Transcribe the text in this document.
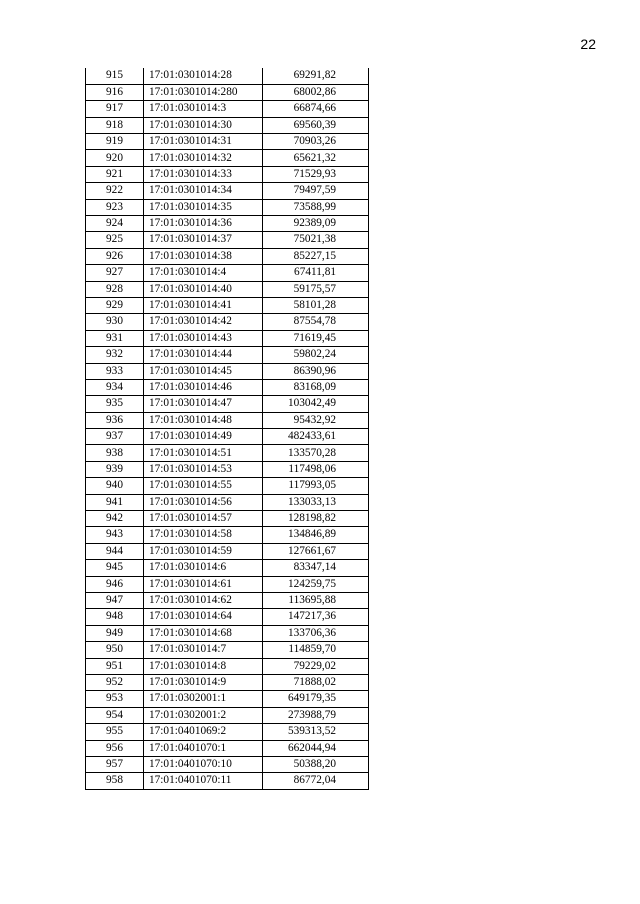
22
915	17:01:0301014:28	69291,82
916	17:01:0301014:280	68002,86
917	17:01:0301014:3	66874,66
918	17:01:0301014:30	69560,39
919	17:01:0301014:31	70903,26
920	17:01:0301014:32	65621,32
921	17:01:0301014:33	71529,93
922	17:01:0301014:34	79497,59
923	17:01:0301014:35	73588,99
924	17:01:0301014:36	92389,09
925	17:01:0301014:37	75021,38
926	17:01:0301014:38	85227,15
927	17:01:0301014:4	67411,81
928	17:01:0301014:40	59175,57
929	17:01:0301014:41	58101,28
930	17:01:0301014:42	87554,78
931	17:01:0301014:43	71619,45
932	17:01:0301014:44	59802,24
933	17:01:0301014:45	86390,96
934	17:01:0301014:46	83168,09
935	17:01:0301014:47	103042,49
936	17:01:0301014:48	95432,92
937	17:01:0301014:49	482433,61
938	17:01:0301014:51	133570,28
939	17:01:0301014:53	117498,06
940	17:01:0301014:55	117993,05
941	17:01:0301014:56	133033,13
942	17:01:0301014:57	128198,82
943	17:01:0301014:58	134846,89
944	17:01:0301014:59	127661,67
945	17:01:0301014:6	83347,14
946	17:01:0301014:61	124259,75
947	17:01:0301014:62	113695,88
948	17:01:0301014:64	147217,36
949	17:01:0301014:68	133706,36
950	17:01:0301014:7	114859,70
951	17:01:0301014:8	79229,02
952	17:01:0301014:9	71888,02
953	17:01:0302001:1	649179,35
954	17:01:0302001:2	273988,79
955	17:01:0401069:2	539313,52
956	17:01:0401070:1	662044,94
957	17:01:0401070:10	50388,20
958	17:01:0401070:11	86772,04
